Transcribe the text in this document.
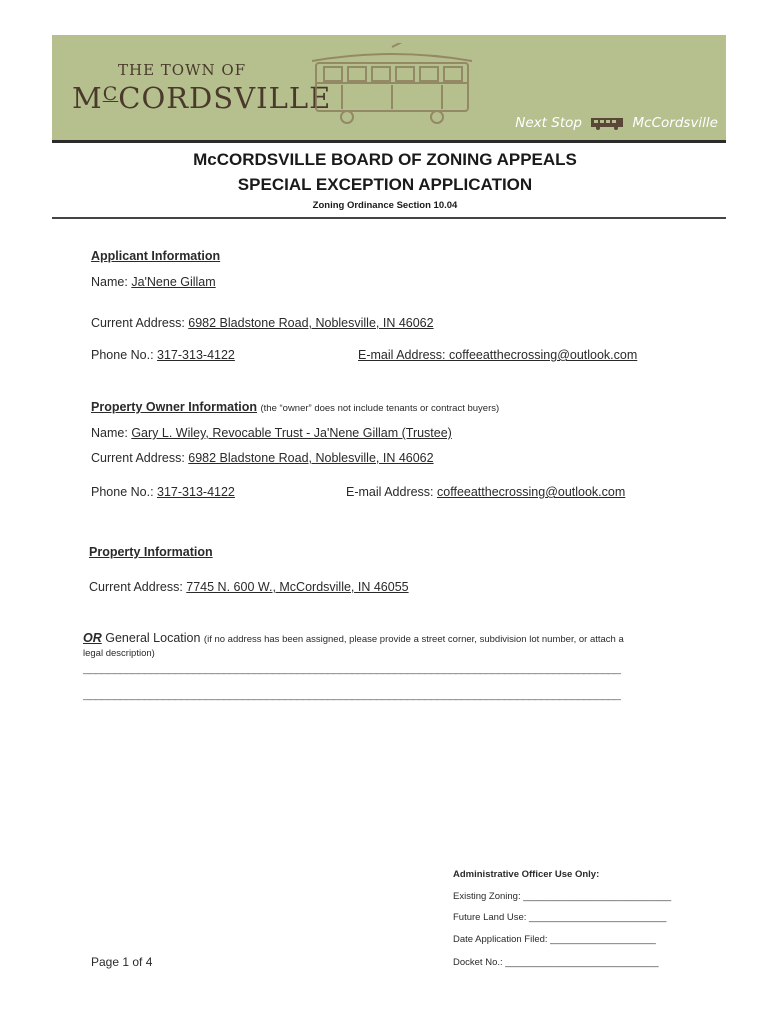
THE TOWN OF
$M^CCORDSVILLE$
Next Stop	McCordsville
McCORDSVILLE BOARD OF ZONING APPEALS
SPECIAL EXCEPTION APPLICATION
Zoning Ordinance Section 10.04
Applicant Information
Name: Ja'Nene Gillam
Current Address: 6982 Bladstone Road, Noblesville, IN 46062
Phone No.: 317-313-4122	E-mail Address: coffeeatthecrossing@outlook.com
Property Owner Information (the “owner” does not include tenants or contract buyers)
Name: Gary L. Wiley, Revocable Trust - Ja'Nene Gillam (Trustee)
Current Address: 6982 Bladstone Road, Noblesville, IN 46062
Phone No.: 317-313-4122	E-mail Address: coffeeatthecrossing@outlook.com
Property Information
Current Address: 7745 N. 600 W., McCordsville, IN 46055
OR General Location (if no address has been assigned, please provide a street corner, subdivision lot number, or attach a
legal description)
________________________________________________________________________________________
________________________________________________________________________________________
Administrative Officer Use Only:
Existing Zoning: ____________________________
Future Land Use: __________________________
Date Application Filed: ____________________
Docket No.: _____________________________
Page 1 of 4
